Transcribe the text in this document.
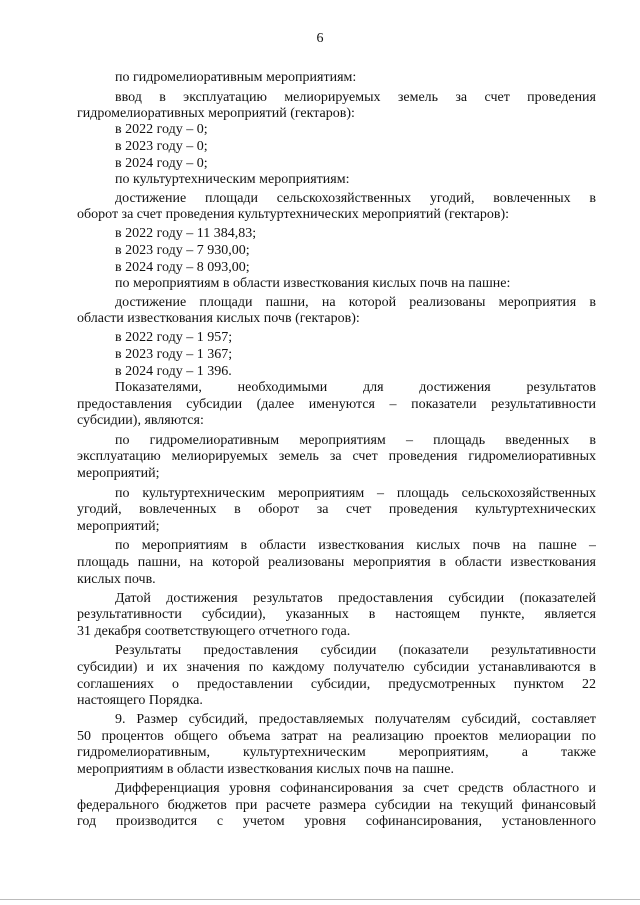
6
по гидромелиоративным мероприятиям:
ввод в эксплуатацию мелиорируемых земель за счет проведения
гидромелиоративных мероприятий (гектаров):
в 2022 году – 0;
в 2023 году – 0;
в 2024 году – 0;
по культуртехническим мероприятиям:
достижение площади сельскохозяйственных угодий, вовлеченных в
оборот за счет проведения культуртехнических мероприятий (гектаров):
в 2022 году – 11 384,83;
в 2023 году – 7 930,00;
в 2024 году – 8 093,00;
по мероприятиям в области известкования кислых почв на пашне:
достижение площади пашни, на которой реализованы мероприятия в
области известкования кислых почв (гектаров):
в 2022 году – 1 957;
в 2023 году – 1 367;
в 2024 году – 1 396.
Показателями, необходимыми для достижения результатов
предоставления субсидии (далее именуются – показатели результативности
субсидии), являются:
по гидромелиоративным мероприятиям – площадь введенных в
эксплуатацию мелиорируемых земель за счет проведения гидромелиоративных
мероприятий;
по культуртехническим мероприятиям – площадь сельскохозяйственных
угодий, вовлеченных в оборот за счет проведения культуртехнических
мероприятий;
по мероприятиям в области известкования кислых почв на пашне –
площадь пашни, на которой реализованы мероприятия в области известкования
кислых почв.
Датой достижения результатов предоставления субсидии (показателей
результативности субсидии), указанных в настоящем пункте, является
31 декабря соответствующего отчетного года.
Результаты предоставления субсидии (показатели результативности
субсидии) и их значения по каждому получателю субсидии устанавливаются в
соглашениях о предоставлении субсидии, предусмотренных пунктом 22
настоящего Порядка.
9. Размер субсидий, предоставляемых получателям субсидий, составляет
50 процентов общего объема затрат на реализацию проектов мелиорации по
гидромелиоративным, культуртехническим мероприятиям, а также
мероприятиям в области известкования кислых почв на пашне.
Дифференциация уровня софинансирования за счет средств областного и
федерального бюджетов при расчете размера субсидии на текущий финансовый
год производится с учетом уровня софинансирования, установленного
